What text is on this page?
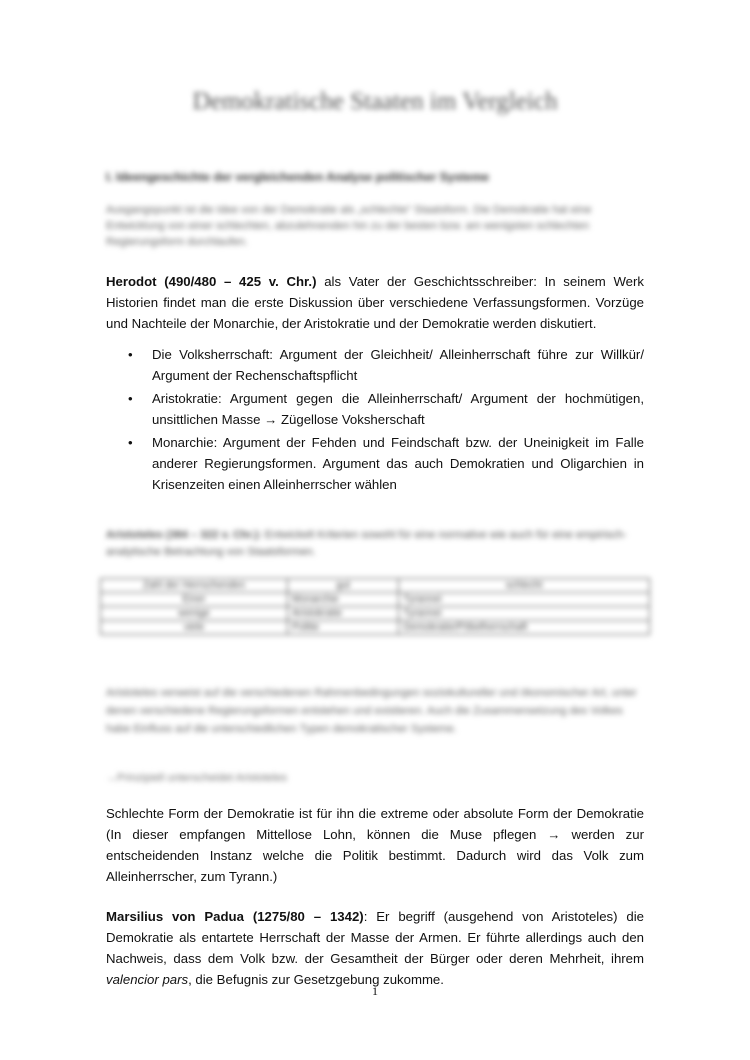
Demokratische Staaten im Vergleich
I. Ideengeschichte der vergleichenden Analyse politischer Systeme
Ausgangspunkt ist die Idee von der Demokratie als „schlechte“ Staatsform. Die Demokratie hat eine Entwicklung von einer schlechten, abzulehnenden hin zu der besten bzw. am wenigsten schlechten Regierungsform durchlaufen.
Herodot (490/480 – 425 v. Chr.) als Vater der Geschichtsschreiber: In seinem Werk Historien findet man die erste Diskussion über verschiedene Verfassungsformen. Vorzüge und Nachteile der Monarchie, der Aristokratie und der Demokratie werden diskutiert.
• Die Volksherrschaft: Argument der Gleichheit/ Alleinherrschaft führe zur Willkür/ Argument der Rechenschaftspflicht
• Aristokratie: Argument gegen die Alleinherrschaft/ Argument der hochmütigen, unsittlichen Masse → Zügellose Voksherschaft
• Monarchie: Argument der Fehden und Feindschaft bzw. der Uneinigkeit im Falle anderer Regierungsformen. Argument das auch Demokratien und Oligarchien in Krisenzeiten einen Alleinherrscher wählen
Aristoteles (384 – 322 v. Chr.): Entwickelt Kriterien sowohl für eine normative wie auch für eine empirisch-analytische Betrachtung von Staatsformen.
Zahl der Herrschenden	gut	schlecht
Einer	Monarchie	Tyrannei
wenige	Aristokratie	Tyrannei
viele	Politie	Demokratie/Pöbelherrschaft
Aristoteles verweist auf die verschiedenen Rahmenbedingungen soziokultureller und ökonomischer Art, unter denen verschiedene Regierungsformen entstehen und existieren. Auch die Zusammensetzung des Volkes habe Einfluss auf die unterschiedlichen Typen demokratischer Systeme.
→Prinzipiell unterscheidet Aristoteles
Schlechte Form der Demokratie ist für ihn die extreme oder absolute Form der Demokratie (In dieser empfangen Mittellose Lohn, können die Muse pflegen → werden zur entscheidenden Instanz welche die Politik bestimmt. Dadurch wird das Volk zum Alleinherrscher, zum Tyrann.)
Marsilius von Padua (1275/80 – 1342): Er begriff (ausgehend von Aristoteles) die Demokratie als entartete Herrschaft der Masse der Armen. Er führte allerdings auch den Nachweis, dass dem Volk bzw. der Gesamtheit der Bürger oder deren Mehrheit, ihrem valencior pars, die Befugnis zur Gesetzgebung zukomme.
1
